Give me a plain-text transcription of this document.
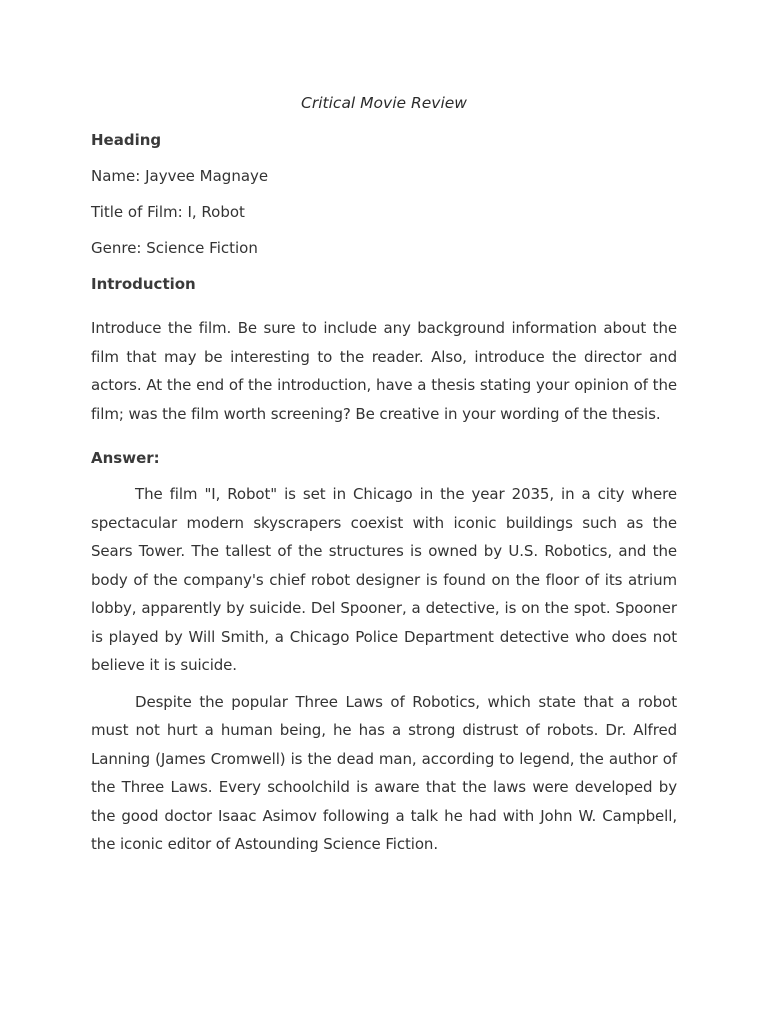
Critical Movie Review

Heading

Name: Jayvee Magnaye

Title of Film: I, Robot

Genre: Science Fiction

Introduction

Introduce the film. Be sure to include any background information about the film that may be interesting to the reader. Also, introduce the director and actors. At the end of the introduction, have a thesis stating your opinion of the film; was the film worth screening? Be creative in your wording of the thesis.

Answer:

The film "I, Robot" is set in Chicago in the year 2035, in a city where spectacular modern skyscrapers coexist with iconic buildings such as the Sears Tower. The tallest of the structures is owned by U.S. Robotics, and the body of the company's chief robot designer is found on the floor of its atrium lobby, apparently by suicide. Del Spooner, a detective, is on the spot. Spooner is played by Will Smith, a Chicago Police Department detective who does not believe it is suicide.

Despite the popular Three Laws of Robotics, which state that a robot must not hurt a human being, he has a strong distrust of robots. Dr. Alfred Lanning (James Cromwell) is the dead man, according to legend, the author of the Three Laws. Every schoolchild is aware that the laws were developed by the good doctor Isaac Asimov following a talk he had with John W. Campbell, the iconic editor of Astounding Science Fiction.
